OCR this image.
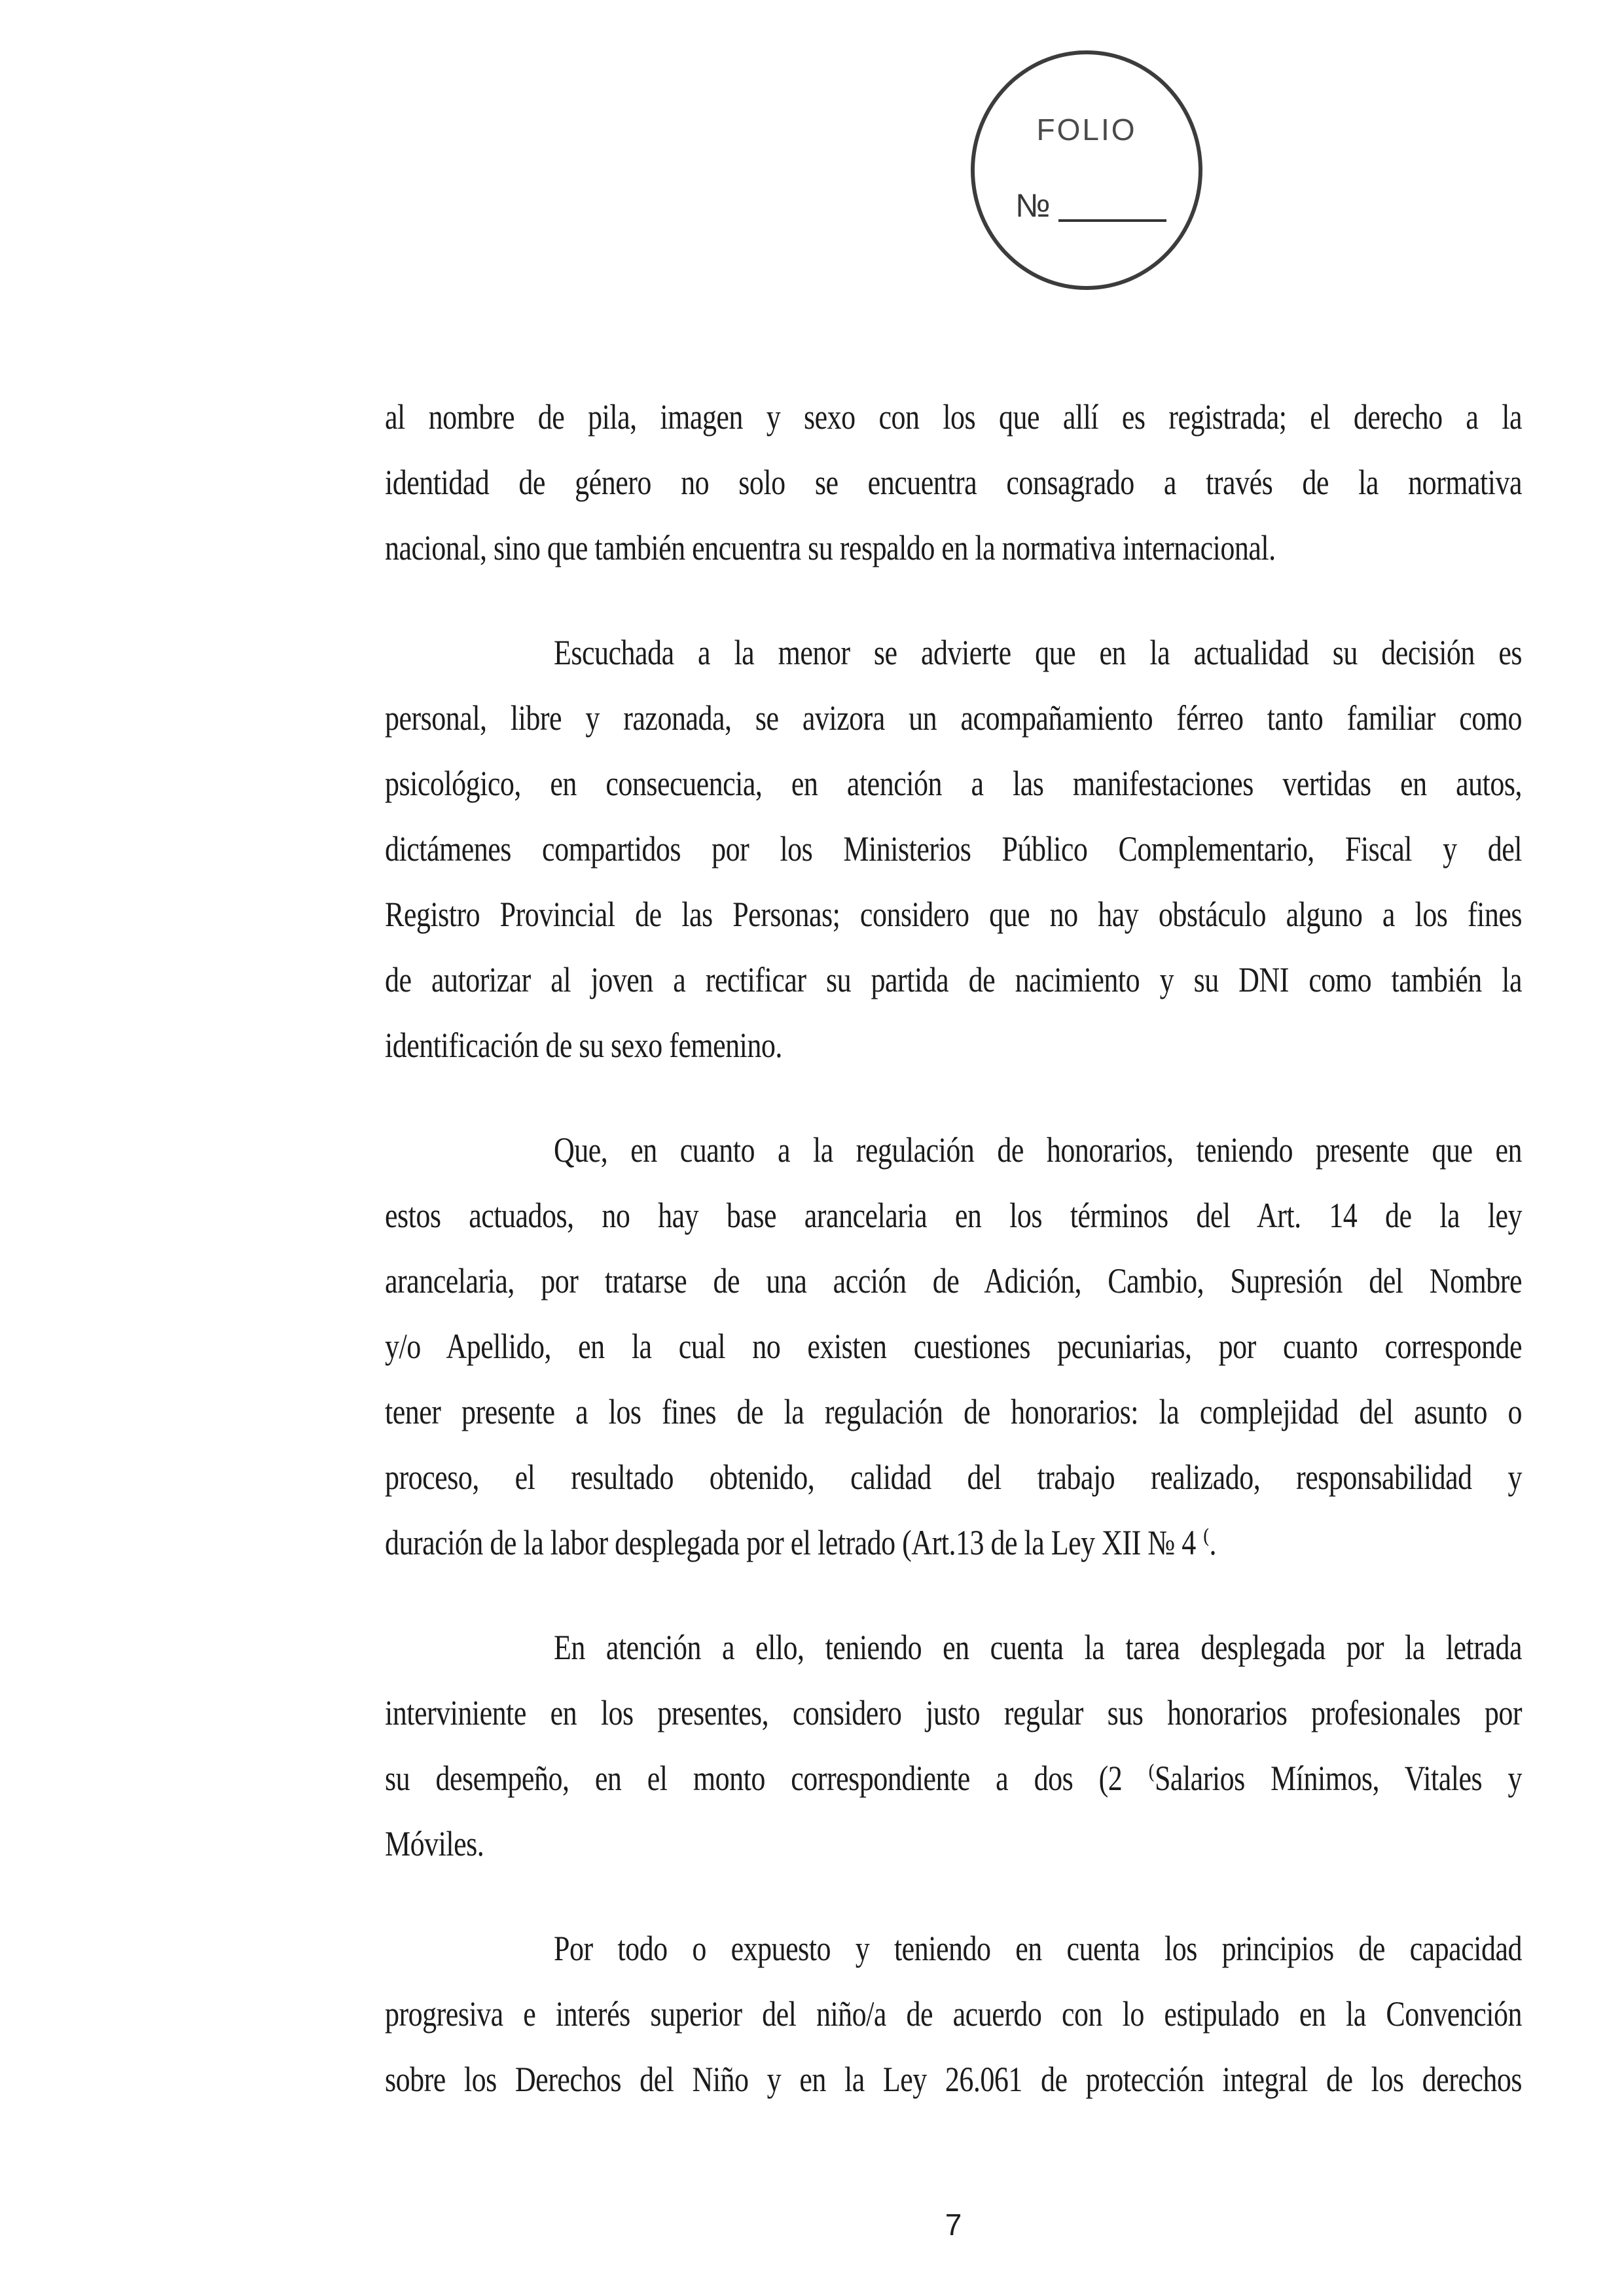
FOLIO
№
al nombre de pila, imagen y sexo con los que allí es registrada; el derecho a la
identidad de género no solo se encuentra consagrado a través de la normativa
nacional, sino que también encuentra su respaldo en la normativa internacional.
Escuchada a la menor se advierte que en la actualidad su decisión es
personal, libre y razonada, se avizora un acompañamiento férreo tanto familiar como
psicológico, en consecuencia, en atención a las manifestaciones vertidas en autos,
dictámenes compartidos por los Ministerios Público Complementario, Fiscal y del
Registro Provincial de las Personas; considero que no hay obstáculo alguno a los fines
de autorizar al joven a rectificar su partida de nacimiento y su DNI como también la
identificación de su sexo femenino.
Que, en cuanto a la regulación de honorarios, teniendo presente que en
estos actuados, no hay base arancelaria en los términos del Art. 14 de la ley
arancelaria, por tratarse de una acción de Adición, Cambio, Supresión del Nombre
y/o Apellido, en la cual no existen cuestiones pecuniarias, por cuanto corresponde
tener presente a los fines de la regulación de honorarios: la complejidad del asunto o
proceso, el resultado obtenido, calidad del trabajo realizado, responsabilidad y
duración de la labor desplegada por el letrado (Art.13 de la Ley XII № 4 ⁽.
En atención a ello, teniendo en cuenta la tarea desplegada por la letrada
interviniente en los presentes, considero justo regular sus honorarios profesionales por
su desempeño, en el monto correspondiente a dos (2 ⁽Salarios Mínimos, Vitales y
Móviles.
Por todo o expuesto y teniendo en cuenta los principios de capacidad
progresiva e interés superior del niño/a de acuerdo con lo estipulado en la Convención
sobre los Derechos del Niño y en la Ley 26.061 de protección integral de los derechos
7
